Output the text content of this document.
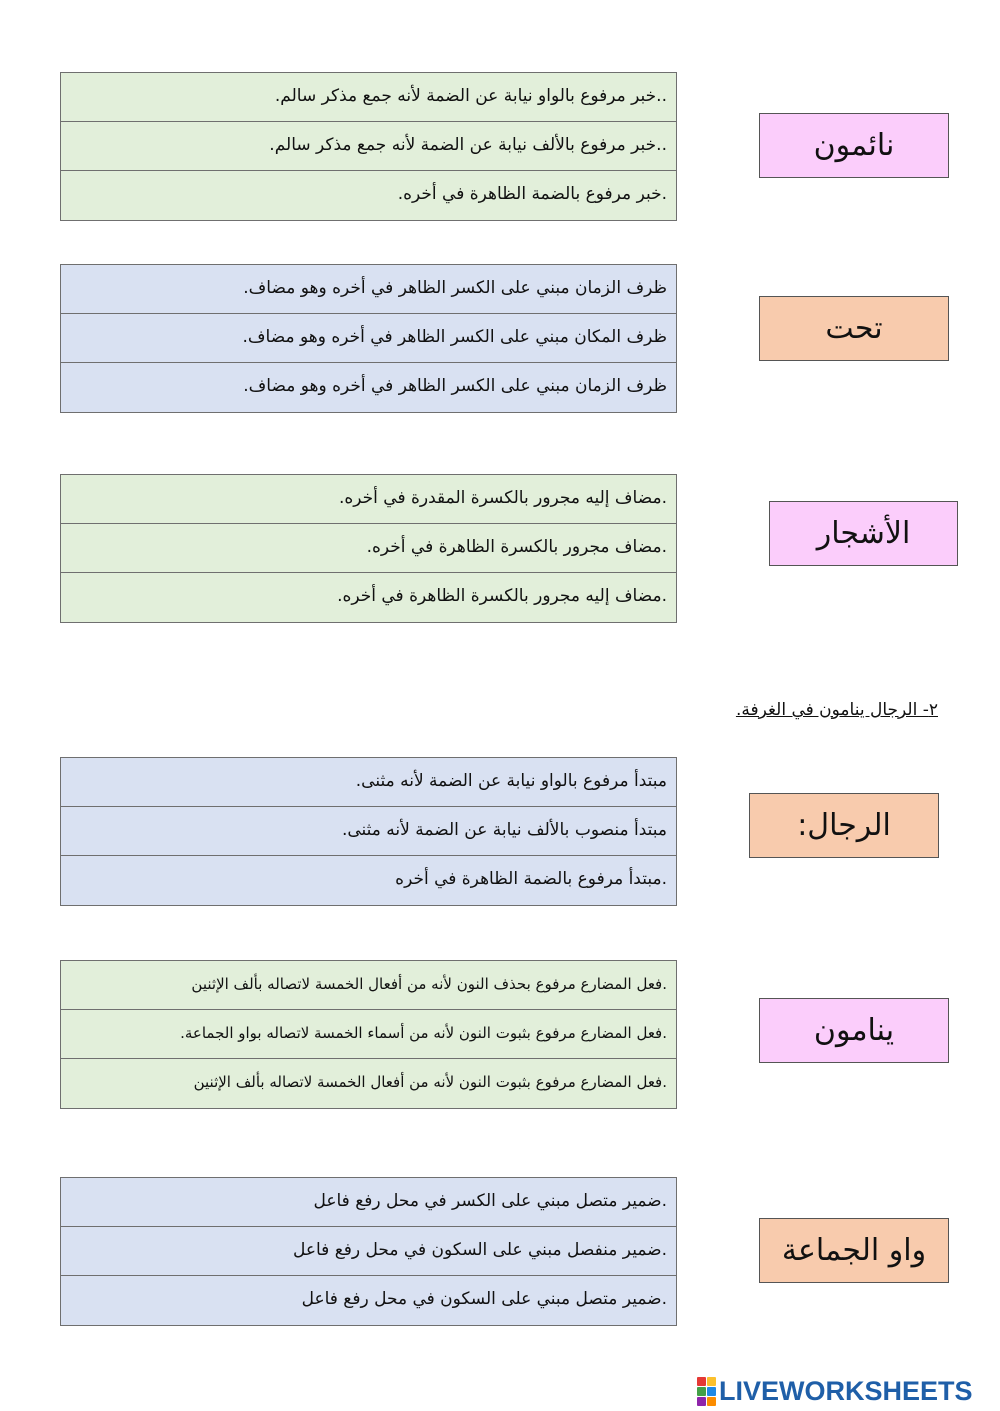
..خبر مرفوع بالواو نيابة عن الضمة لأنه جمع مذكر سالم.
..خبر مرفوع بالألف نيابة عن الضمة لأنه جمع مذكر سالم.
.خبر مرفوع بالضمة الظاهرة في أخره.
نائمون
ظرف الزمان مبني على الكسر الظاهر في أخره وهو مضاف.
ظرف المكان مبني على الكسر الظاهر في أخره وهو مضاف.
ظرف الزمان مبني على الكسر الظاهر في أخره وهو مضاف.
تحت
.مضاف إليه مجرور بالكسرة المقدرة في أخره.
.مضاف مجرور بالكسرة الظاهرة في أخره.
.مضاف إليه مجرور بالكسرة الظاهرة في أخره.
الأشجار
٢- الرجال ينامون في الغرفة.
مبتدأ مرفوع بالواو نيابة عن الضمة لأنه مثنى.
مبتدأ منصوب بالألف نيابة عن الضمة لأنه مثنى.
.مبتدأ مرفوع بالضمة الظاهرة في أخره
الرجال:
.فعل المضارع مرفوع بحذف النون لأنه من أفعال الخمسة لاتصاله بألف الإثنين
.فعل المضارع مرفوع بثبوت النون لأنه من أسماء الخمسة لاتصاله بواو الجماعة.
.فعل المضارع مرفوع بثبوت النون لأنه من أفعال الخمسة لاتصاله بألف الإثنين
ينامون
.ضمير متصل مبني على الكسر في محل رفع فاعل
.ضمير منفصل مبني على السكون في محل رفع فاعل
.ضمير متصل مبني على السكون في محل رفع فاعل
واو الجماعة
LIVEWORKSHEETS
